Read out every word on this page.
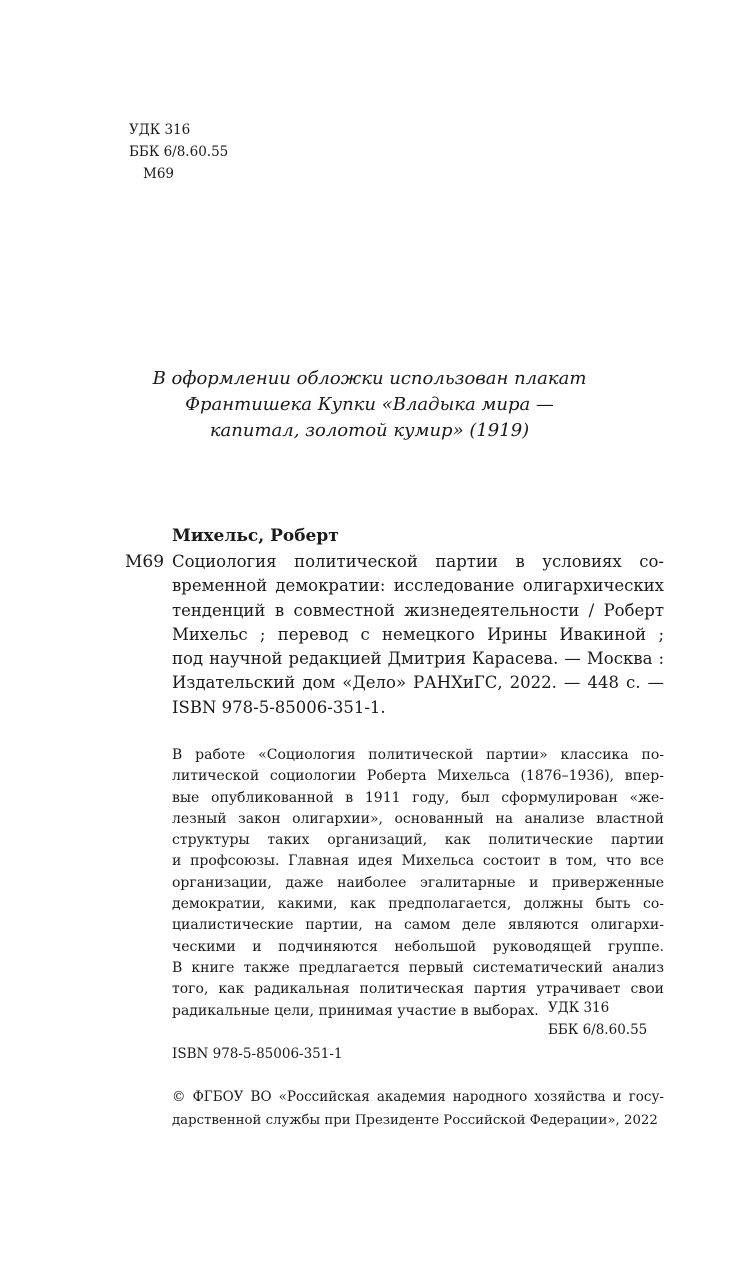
УДК 316
ББК 6/8.60.55
М69
В оформлении обложки использован плакат
Франтишека Купки «Владыка мира —
капитал, золотой кумир» (1919)
Михельс, Роберт
М69 Социология политической партии в условиях со-
временной демократии: исследование олигархических
тенденций в совместной жизнедеятельности / Роберт
Михельс ; перевод с немецкого Ирины Ивакиной ;
под научной редакцией Дмитрия Карасева. — Москва :
Издательский дом «Дело» РАНХиГС, 2022. — 448 с. —
ISBN 978-5-85006-351-1.
В работе «Социология политической партии» классика по-
литической социологии Роберта Михельса (1876–1936), впер-
вые опубликованной в 1911 году, был сформулирован «же-
лезный закон олигархии», основанный на анализе властной
структуры таких организаций, как политические партии
и профсоюзы. Главная идея Михельса состоит в том, что все
организации, даже наиболее эгалитарные и приверженные
демократии, какими, как предполагается, должны быть со-
циалистические партии, на самом деле являются олигархи-
ческими и подчиняются небольшой руководящей группе.
В книге также предлагается первый систематический анализ
того, как радикальная политическая партия утрачивает свои
радикальные цели, принимая участие в выборах. УДК 316
ББК 6/8.60.55
ISBN 978-5-85006-351-1
© ФГБОУ ВО «Российская академия народного хозяйства и госу-
дарственной службы при Президенте Российской Федерации», 2022
